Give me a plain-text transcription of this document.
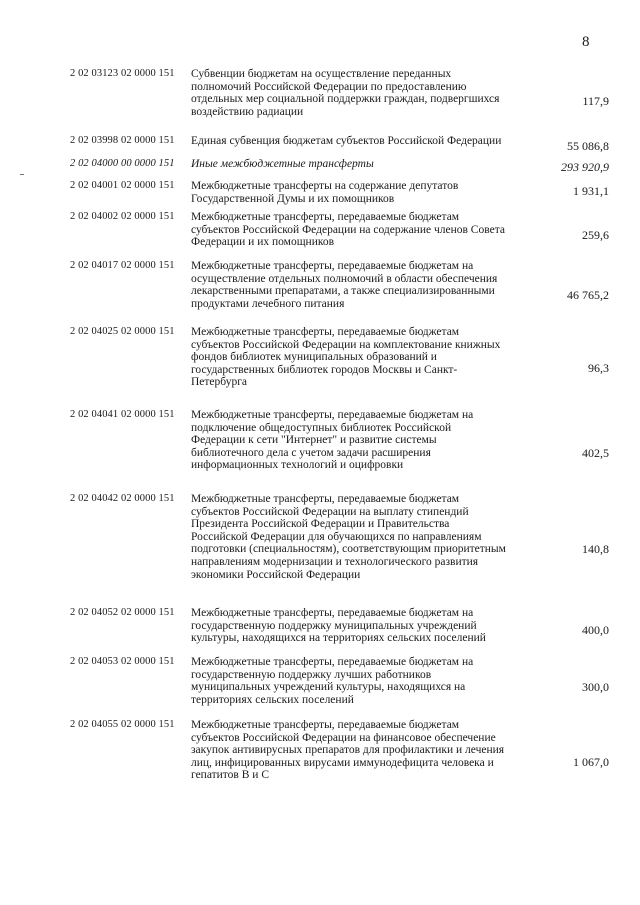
8
2 02 03123 02 0000 151 Субвенции бюджетам на осуществление переданных
полномочий Российской Федерации по предоставлению
отдельных мер социальной поддержки граждан, подвергшихся
воздействию радиации
117,9
2 02 03998 02 0000 151 Единая субвенция бюджетам субъектов Российской Федерации	55 086,8
2 02 04000 00 0000 151 Иные межбюджетные трансферты	293 920,9
2 02 04001 02 0000 151 Межбюджетные трансферты на содержание депутатов
Государственной Думы и их помощников
1 931,1
2 02 04002 02 0000 151 Межбюджетные трансферты, передаваемые бюджетам
субъектов Российской Федерации на содержание членов Совета
Федерации и их помощников
259,6
2 02 04017 02 0000 151 Межбюджетные трансферты, передаваемые бюджетам на
осуществление отдельных полномочий в области обеспечения
лекарственными препаратами, а также специализированными
продуктами лечебного питания
46 765,2
2 02 04025 02 0000 151 Межбюджетные трансферты, передаваемые бюджетам
субъектов Российской Федерации на комплектование книжных
фондов библиотек муниципальных образований и
государственных библиотек городов Москвы и Санкт-
Петербурга
96,3
2 02 04041 02 0000 151 Межбюджетные трансферты, передаваемые бюджетам на
подключение общедоступных библиотек Российской
Федерации к сети "Интернет" и развитие системы
библиотечного дела с учетом задачи расширения
информационных технологий и оцифровки
402,5
2 02 04042 02 0000 151 Межбюджетные трансферты, передаваемые бюджетам
субъектов Российской Федерации на выплату стипендий
Президента Российской Федерации и Правительства
Российской Федерации для обучающихся по направлениям
подготовки (специальностям), соответствующим приоритетным
направлениям модернизации и технологического развития
экономики Российской Федерации
140,8
2 02 04052 02 0000 151 Межбюджетные трансферты, передаваемые бюджетам на
государственную поддержку муниципальных учреждений
культуры, находящихся на территориях сельских поселений
400,0
2 02 04053 02 0000 151 Межбюджетные трансферты, передаваемые бюджетам на
государственную поддержку лучших работников
муниципальных учреждений культуры, находящихся на
территориях сельских поселений
300,0
2 02 04055 02 0000 151 Межбюджетные трансферты, передаваемые бюджетам
субъектов Российской Федерации на финансовое обеспечение
закупок антивирусных препаратов для профилактики и лечения
лиц, инфицированных вирусами иммунодефицита человека и
гепатитов В и С
1 067,0
